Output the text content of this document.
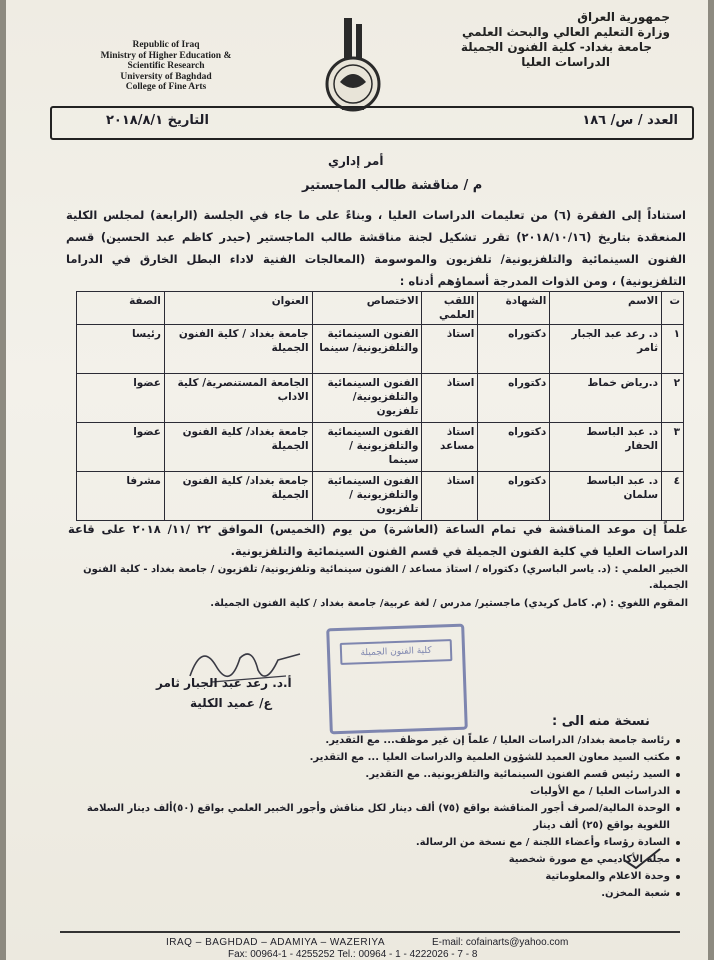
Republic of Iraq
Ministry of Higher Education &
Scientific Research
University of Baghdad
College of Fine Arts
جمهورية العراق
وزارة التعليم العالي والبحث العلمي
جامعة بغداد- كلية الفنون الجميلة
الدراسات العليا
العدد / س/ ١٨٦
التاريخ ٢٠١٨/٨/١
أمر إداري
م / مناقشة طالب الماجستير
استناداً إلى الفقرة (٦) من تعليمات الدراسات العليا ، وبناءً على ما جاء في الجلسة (الرابعة) لمجلس الكلية المنعقدة بتاريخ (٢٠١٨/١٠/١٦) تقرر تشكيل لجنة مناقشة طالب الماجستير (حيدر كاظم عبد الحسين) قسم الفنون السينمائية والتلفزيونية/ تلفزيون والموسومة (المعالجات الفنية لاداء البطل الخارق في الدراما التلفزيونية) ، ومن الذوات المدرجة أسماؤهم أدناه :
ت	الاسم	الشهادة	اللقب العلمي	الاختصاص	العنوان	الصفة
١	د. رعد عبد الجبار ثامر	دكتوراه	استاذ	الفنون السينمائية والتلفزيونية/ سينما	جامعة بغداد / كلية الفنون الجميلة	رئيسا
٢	د.رياض خماط	دكتوراه	استاذ	الفنون السينمائية والتلفزيونية/ تلفزيون	الجامعة المستنصرية/ كلية الاداب	عضوا
٣	د. عبد الباسط الحفار	دكتوراه	استاذ مساعد	الفنون السينمائية والتلفزيونية / سينما	جامعة بغداد/ كلية الفنون الجميلة	عضوا
٤	د. عبد الباسط سلمان	دكتوراه	استاذ	الفنون السينمائية والتلفزيونية / تلفزيون	جامعة بغداد/ كلية الفنون الجميلة	مشرفا
علماً إن موعد المناقشة في تمام الساعة (العاشرة) من يوم (الخميس) الموافق ٢٢ /١١/ ٢٠١٨ على قاعة الدراسات العليا في كلية الفنون الجميلة في قسم الفنون السينمائية والتلفزيونية.
الخبير العلمي : (د. ياسر الباسري) دكتوراه / استاذ مساعد / الفنون سينمائية وتلفزيونية/ تلفزيون / جامعة بغداد - كلية الفنون الجميلة.
المقوم اللغوي : (م. كامل كريدي) ماجستير/ مدرس / لغة عربية/ جامعة بغداد / كلية الفنون الجميلة.
كلية الفنون الجميلة
أ.د. رعد عبد الجبار ثامر
ع/ عميد الكلية
نسخة منه الى :
رئاسة جامعة بغداد/ الدراسات العليا / علماً إن غير موظف... مع التقدير.
مكتب السيد معاون العميد للشؤون العلمية والدراسات العليا ... مع التقدير.
السيد رئيس قسم الفنون السينمائية والتلفزيونية.. مع التقدير.
الدراسات العليا / مع الأوليات
الوحدة المالية/لصرف أجور المناقشة بواقع (٧٥) ألف دينار لكل مناقش وأجور الخبير العلمي بواقع (٥٠)ألف دينار السلامة اللغوية بواقع (٢٥) ألف دينار
السادة رؤساء وأعضاء اللجنة / مع نسخة من الرسالة.
مجلة الأكاديمي مع صورة شخصية
وحدة الاعلام والمعلوماتية
شعبة المخزن.
IRAQ – BAGHDAD – ADAMIYA – WAZERIYA	E-mail: cofainarts@yahoo.com
Fax: 00964-1 - 4255252 Tel.: 00964 - 1 - 4222026 - 7 - 8
